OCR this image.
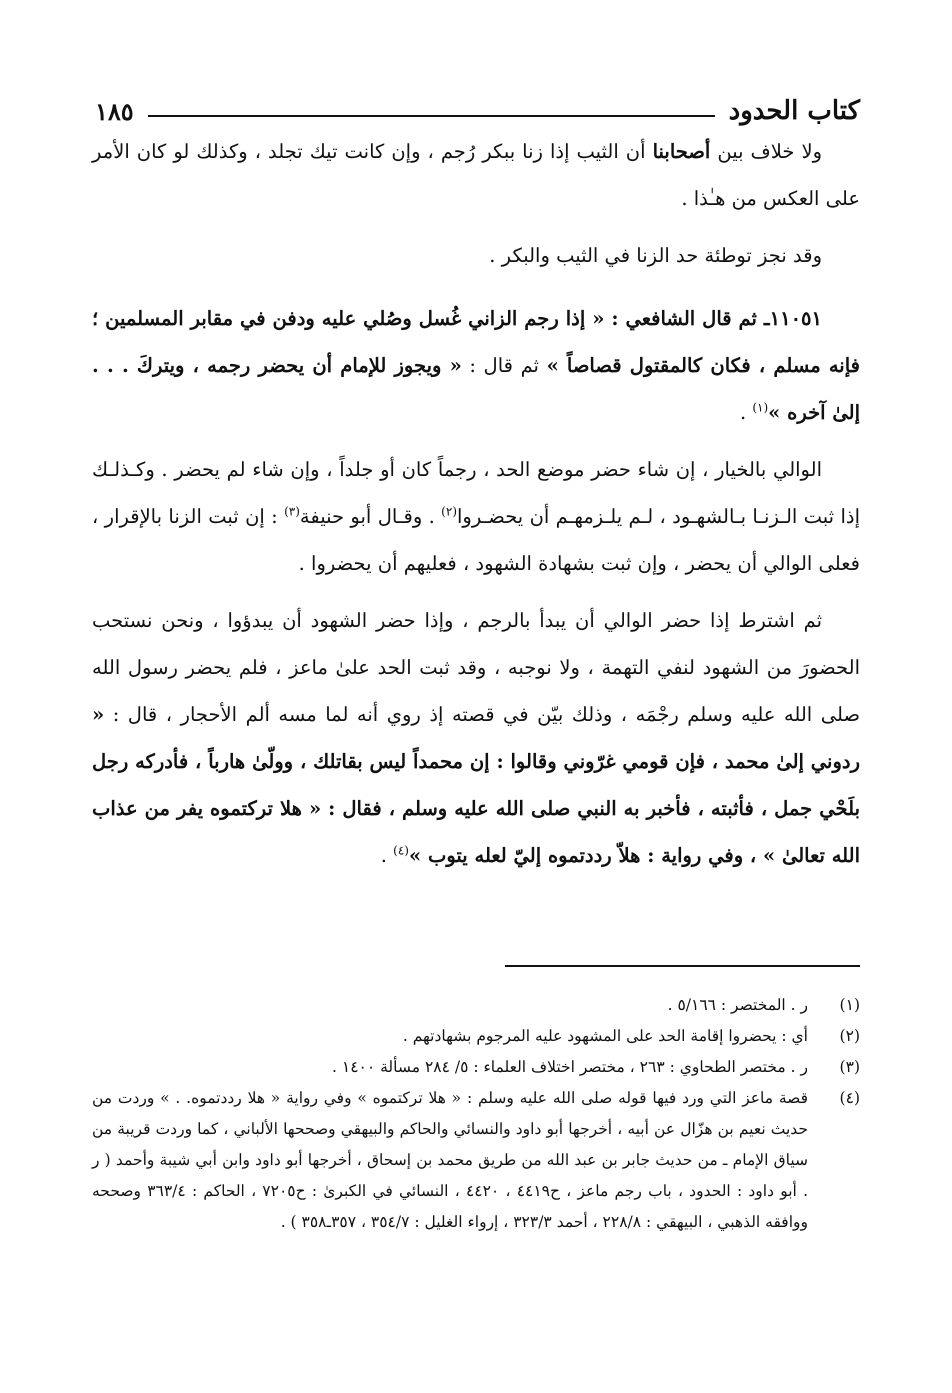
كتاب الحدود
١٨٥

ولا خلاف بين أصحابنا أن الثيب إذا زنا ببكر رُجم ، وإن كانت تيك تجلد ، وكذلك لو كان الأمر على العكس من هـٰذا .

وقد نجز توطئة حد الزنا في الثيب والبكر .

١١٠٥١ـ ثم قال الشافعي : « إذا رجم الزاني غُسل وصُلي عليه ودفن في مقابر المسلمين ؛ فإنه مسلم ، فكان كالمقتول قصاصاً » ثم قال : « ويجوز للإمام أن يحضر رجمه ، ويتركَ . . . إلىٰ آخره »$^{(١)}$ .

الوالي بالخيار ، إن شاء حضر موضع الحد ، رجماً كان أو جلداً ، وإن شاء لم يحضر . وكـذلـك إذا ثبت الـزنـا بـالشهـود ، لـم يلـزمهـم أن يحضـروا$^{(٢)}$ . وقـال أبو حنيفة$^{(٣)}$ : إن ثبت الزنا بالإقرار ، فعلى الوالي أن يحضر ، وإن ثبت بشهادة الشهود ، فعليهم أن يحضروا .

ثم اشترط إذا حضر الوالي أن يبدأ بالرجم ، وإذا حضر الشهود أن يبدؤوا ، ونحن نستحب الحضورَ من الشهود لنفي التهمة ، ولا نوجبه ، وقد ثبت الحد علىٰ ماعز ، فلم يحضر رسول الله صلى الله عليه وسلم رجْمَه ، وذلك بيّن في قصته إذ روي أنه لما مسه ألم الأحجار ، قال : « ردوني إلىٰ محمد ، فإن قومي غرّوني وقالوا : إن محمداً ليس بقاتلك ، وولّىٰ هارباً ، فأدركه رجل بلَحْي جمل ، فأثبته ، فأخبر به النبي صلى الله عليه وسلم ، فقال : « هلا تركتموه يفر من عذاب الله تعالىٰ » ، وفي رواية : هلاّ رددتموه إليّ لعله يتوب »$^{(٤)}$ .

(١)
ر . المختصر : ٥/١٦٦ .
(٢)
أي : يحضروا إقامة الحد على المشهود عليه المرجوم بشهادتهم .
(٣)
ر . مختصر الطحاوي : ٢٦٣ ، مختصر اختلاف العلماء : ٥/ ٢٨٤ مسألة ١٤٠٠ .
(٤)
قصة ماعز التي ورد فيها قوله صلى الله عليه وسلم : « هلا تركتموه » وفي رواية « هلا رددتموه. . » وردت من حديث نعيم بن هزّال عن أبيه ، أخرجها أبو داود والنسائي والحاكم والبيهقي وصححها الألباني ، كما وردت قريبة من سياق الإمام ـ من حديث جابر بن عبد الله من طريق محمد بن إسحاق ، أخرجها أبو داود وابن أبي شيبة وأحمد ( ر . أبو داود : الحدود ، باب رجم ماعز ، ح٤٤١٩ ، ٤٤٢٠ ، النسائي في الكبرىٰ : ح٧٢٠٥ ، الحاكم : ٣٦٣/٤ وصححه ووافقه الذهبي ، البيهقي : ٢٢٨/٨ ، أحمد ٣٢٣/٣ ، إرواء الغليل : ٣٥٤/٧ ، ٣٥٧ـ٣٥٨ ) .
